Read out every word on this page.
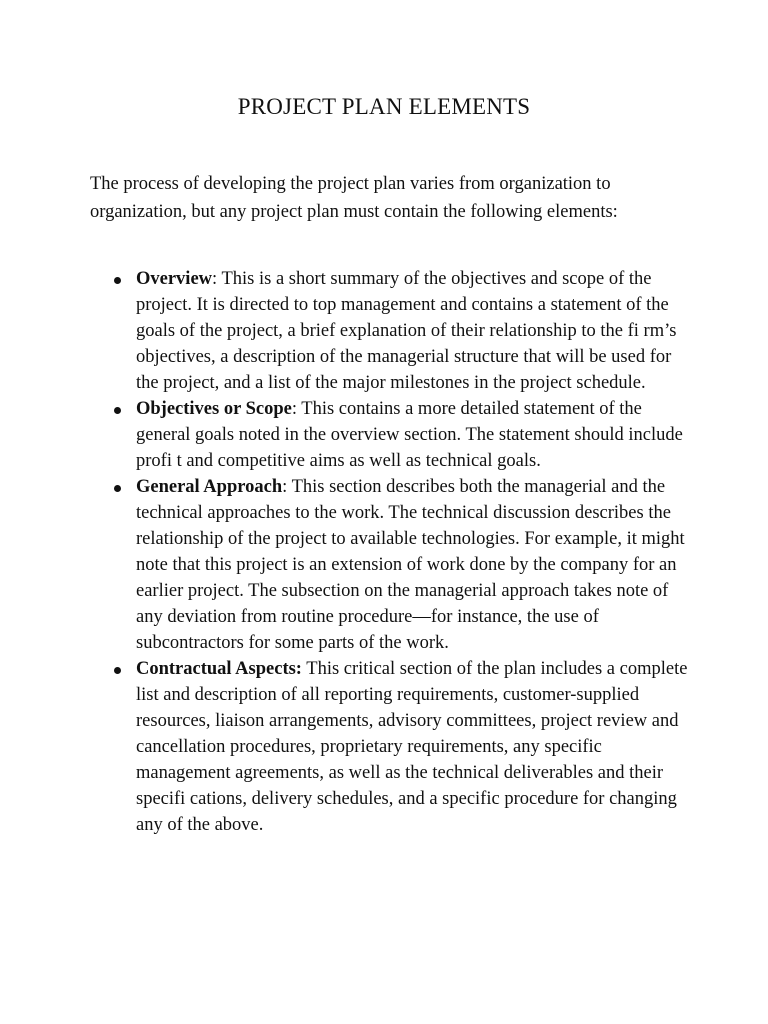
PROJECT PLAN ELEMENTS

The process of developing the project plan varies from organization to organization, but any project plan must contain the following elements:

Overview: This is a short summary of the objectives and scope of the project. It is directed to top management and contains a statement of the goals of the project, a brief explanation of their relationship to the fi rm’s objectives, a description of the managerial structure that will be used for the project, and a list of the major milestones in the project schedule.
Objectives or Scope: This contains a more detailed statement of the general goals noted in the overview section. The statement should include profi t and competitive aims as well as technical goals.
General Approach: This section describes both the managerial and the technical approaches to the work. The technical discussion describes the relationship of the project to available technologies. For example, it might note that this project is an extension of work done by the company for an earlier project. The subsection on the managerial approach takes note of any deviation from routine procedure—for instance, the use of subcontractors for some parts of the work.
Contractual Aspects: This critical section of the plan includes a complete list and description of all reporting requirements, customer-supplied resources, liaison arrangements, advisory committees, project review and cancellation procedures, proprietary requirements, any specific management agreements, as well as the technical deliverables and their specifi cations, delivery schedules, and a specific procedure for changing any of the above.
